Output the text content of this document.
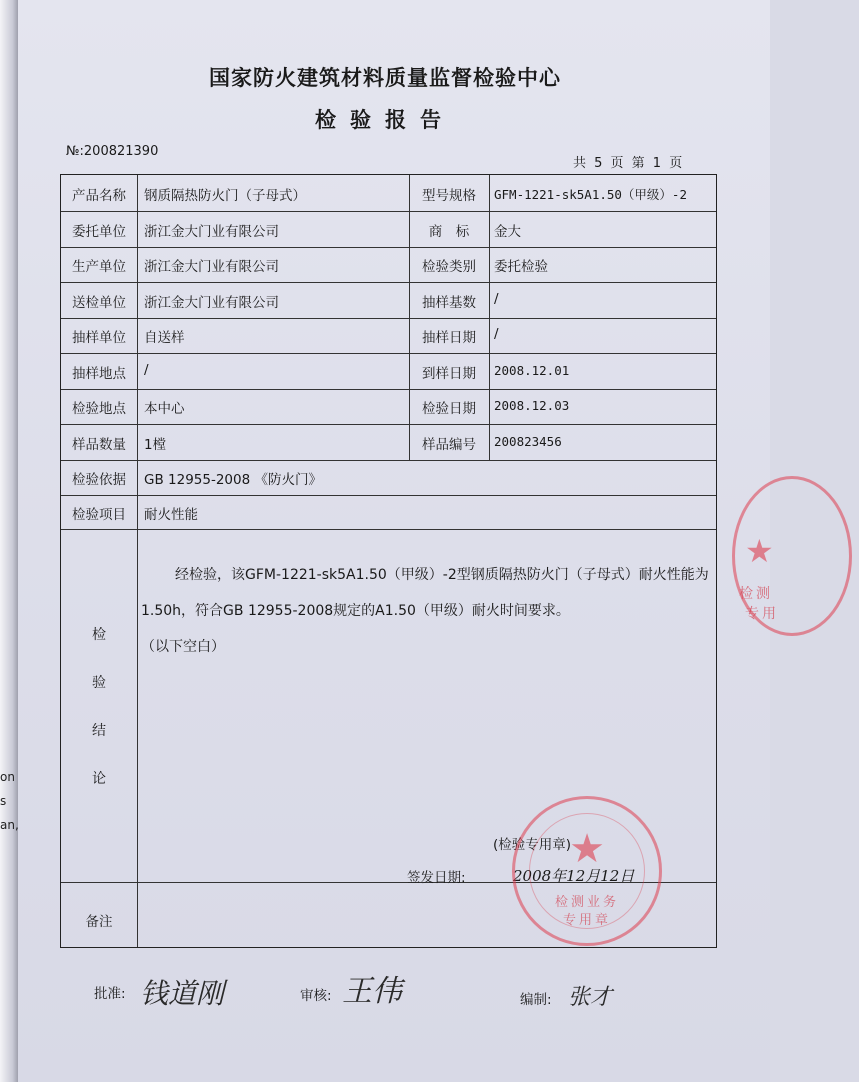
on
s
an,
国家防火建筑材料质量监督检验中心
检验报告
№:200821390
共 5 页 第 1 页
产品名称	钢质隔热防火门（子母式）	型号规格	GFM-1221-sk5A1.50（甲级）-2
委托单位	浙江金大门业有限公司	商　标	金大
生产单位	浙江金大门业有限公司	检验类别	委托检验
送检单位	浙江金大门业有限公司	抽样基数	/
抽样单位	自送样	抽样日期	/
抽样地点	/	到样日期	2008.12.01
检验地点	本中心	检验日期	2008.12.03
样品数量	1樘	样品编号	200823456
检验依据	GB 12955-2008 《防火门》
检验项目	耐火性能
检
验
结
论
经检验，该GFM-1221-sk5A1.50（甲级）-2型钢质隔热防火门（子母式）耐火性能为1.50h，符合GB 12955-2008规定的A1.50（甲级）耐火时间要求。
（以下空白）
(检验专用章)
签发日期:	2008年12月12日
备注
批准: 钱道刚	审核: 王伟	编制: 张才
★
检测业务
专用章
★
检测
专用
